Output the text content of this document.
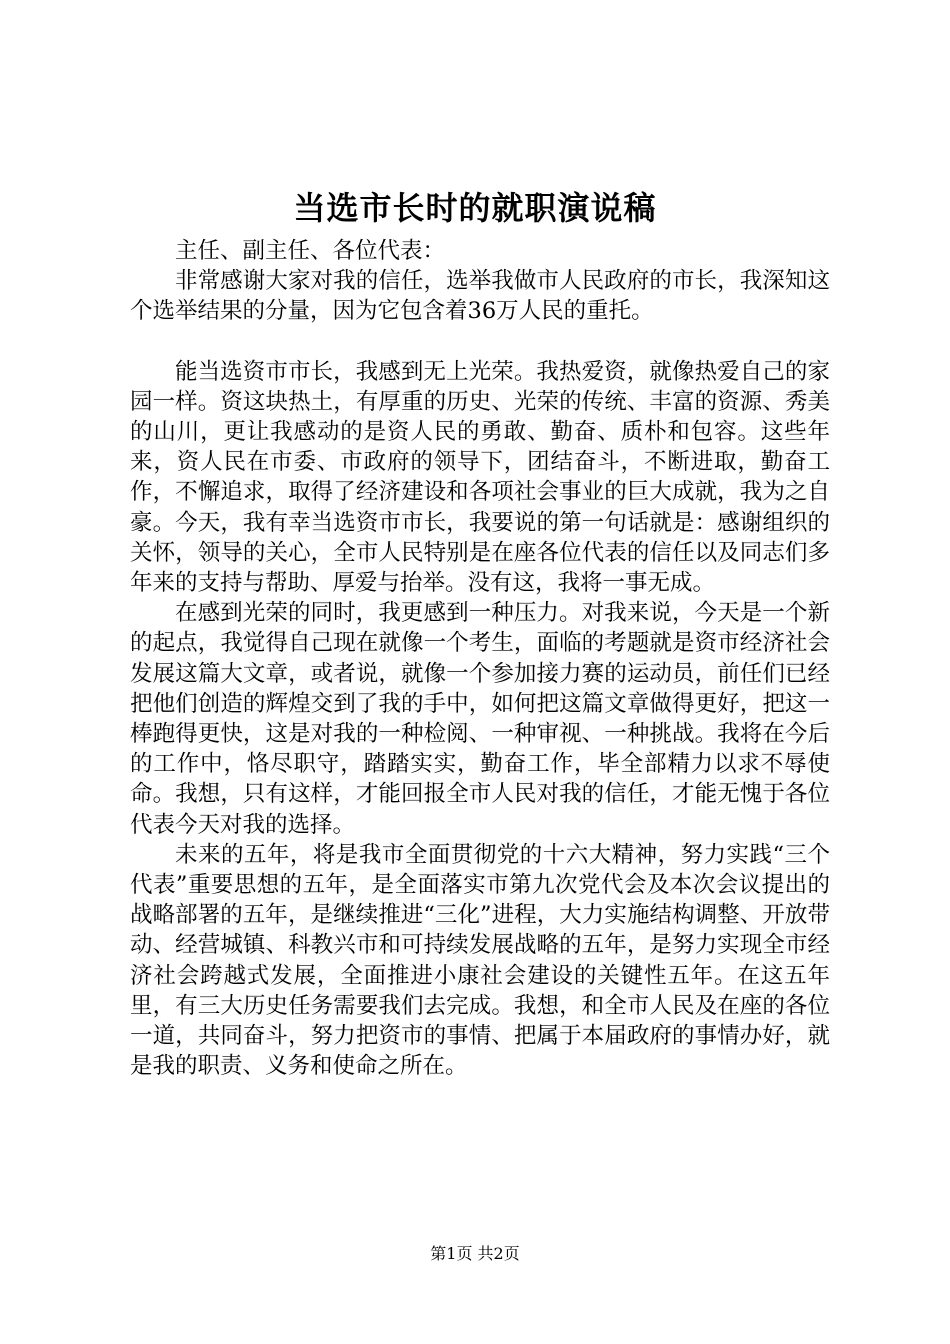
当选市长时的就职演说稿

主任、副主任、各位代表：

非常感谢大家对我的信任，选举我做市人民政府的市长，我深知这个选举结果的分量，因为它包含着36万人民的重托。

能当选资市市长，我感到无上光荣。我热爱资，就像热爱自己的家园一样。资这块热土，有厚重的历史、光荣的传统、丰富的资源、秀美的山川，更让我感动的是资人民的勇敢、勤奋、质朴和包容。这些年来，资人民在市委、市政府的领导下，团结奋斗，不断进取，勤奋工作，不懈追求，取得了经济建设和各项社会事业的巨大成就，我为之自豪。今天，我有幸当选资市市长，我要说的第一句话就是：感谢组织的关怀，领导的关心，全市人民特别是在座各位代表的信任以及同志们多年来的支持与帮助、厚爱与抬举。没有这，我将一事无成。

在感到光荣的同时，我更感到一种压力。对我来说，今天是一个新的起点，我觉得自己现在就像一个考生，面临的考题就是资市经济社会发展这篇大文章，或者说，就像一个参加接力赛的运动员，前任们已经把他们创造的辉煌交到了我的手中，如何把这篇文章做得更好，把这一棒跑得更快，这是对我的一种检阅、一种审视、一种挑战。我将在今后的工作中，恪尽职守，踏踏实实，勤奋工作，毕全部精力以求不辱使命。我想，只有这样，才能回报全市人民对我的信任，才能无愧于各位代表今天对我的选择。

未来的五年，将是我市全面贯彻党的十六大精神，努力实践“三个代表”重要思想的五年，是全面落实市第九次党代会及本次会议提出的战略部署的五年，是继续推进“三化”进程，大力实施结构调整、开放带动、经营城镇、科教兴市和可持续发展战略的五年，是努力实现全市经济社会跨越式发展，全面推进小康社会建设的关键性五年。在这五年里，有三大历史任务需要我们去完成。我想，和全市人民及在座的各位一道，共同奋斗，努力把资市的事情、把属于本届政府的事情办好，就是我的职责、义务和使命之所在。

第1页 共2页
